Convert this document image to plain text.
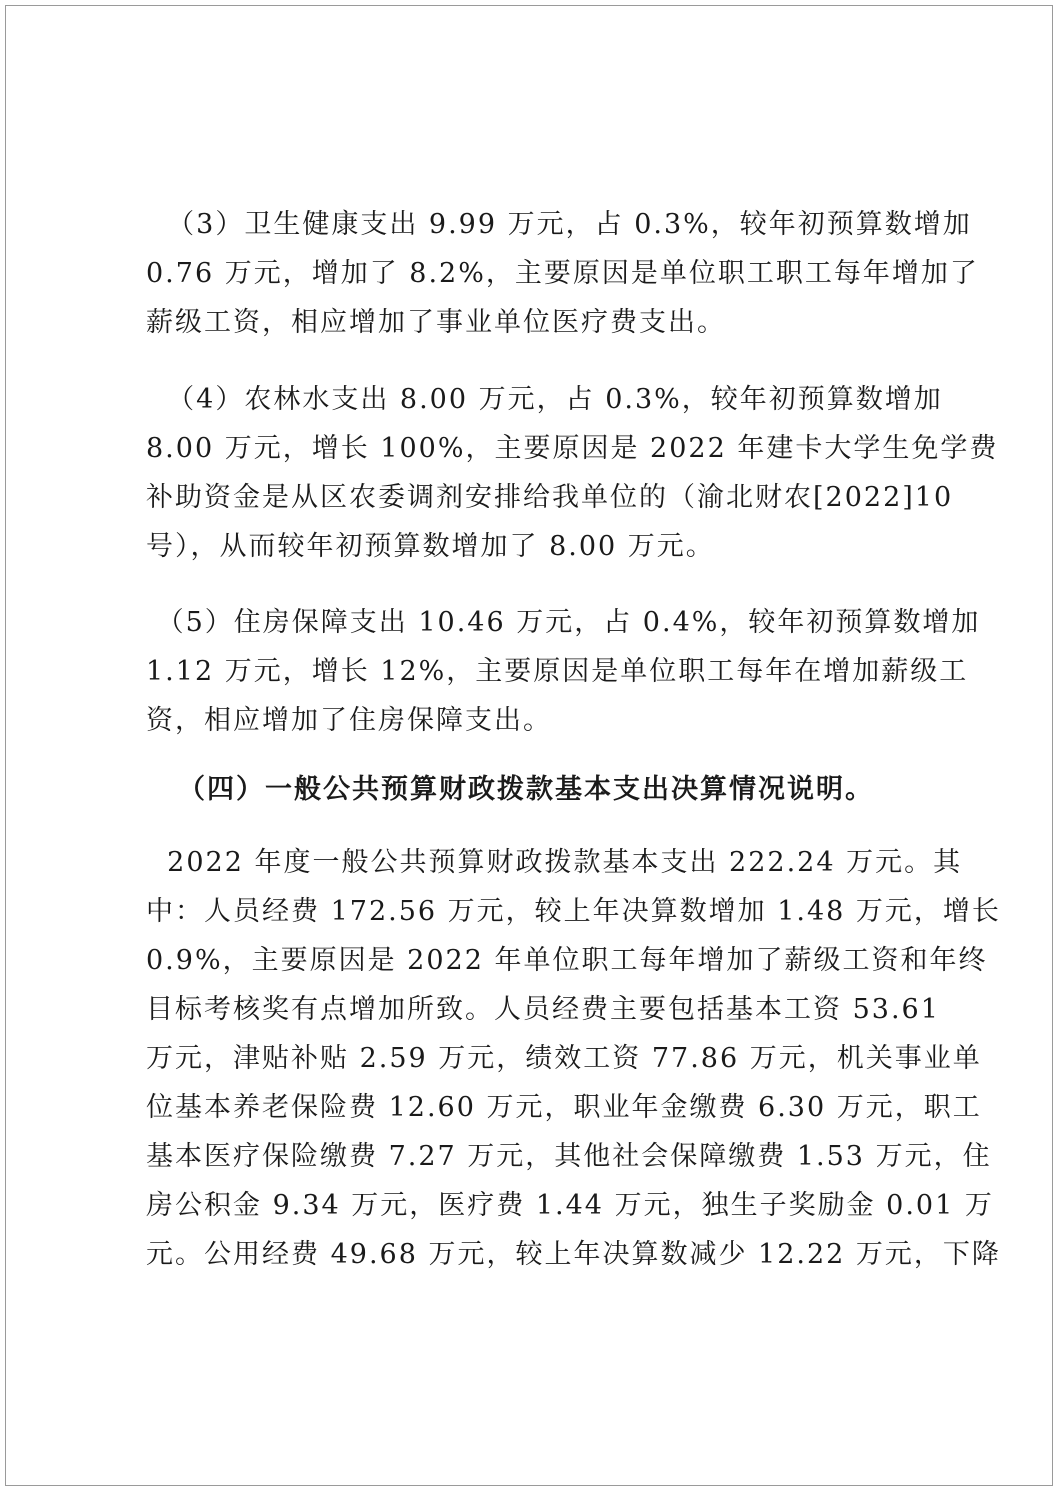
（3）卫生健康支出 9.99 万元，占 0.3%，较年初预算数增加
0.76 万元，增加了 8.2%，主要原因是单位职工职工每年增加了
薪级工资，相应增加了事业单位医疗费支出。
（4）农林水支出 8.00 万元，占 0.3%，较年初预算数增加
8.00 万元，增长 100%，主要原因是 2022 年建卡大学生免学费
补助资金是从区农委调剂安排给我单位的（渝北财农[2022]10
号），从而较年初预算数增加了 8.00 万元。
（5）住房保障支出 10.46 万元，占 0.4%，较年初预算数增加
1.12 万元，增长 12%，主要原因是单位职工每年在增加薪级工
资，相应增加了住房保障支出。
（四）一般公共预算财政拨款基本支出决算情况说明。
2022 年度一般公共预算财政拨款基本支出 222.24 万元。其
中：人员经费 172.56 万元，较上年决算数增加 1.48 万元，增长
0.9%，主要原因是 2022 年单位职工每年增加了薪级工资和年终
目标考核奖有点增加所致。人员经费主要包括基本工资 53.61
万元，津贴补贴 2.59 万元，绩效工资 77.86 万元，机关事业单
位基本养老保险费 12.60 万元，职业年金缴费 6.30 万元，职工
基本医疗保险缴费 7.27 万元，其他社会保障缴费 1.53 万元，住
房公积金 9.34 万元，医疗费 1.44 万元，独生子奖励金 0.01 万
元。公用经费 49.68 万元，较上年决算数减少 12.22 万元，下降
